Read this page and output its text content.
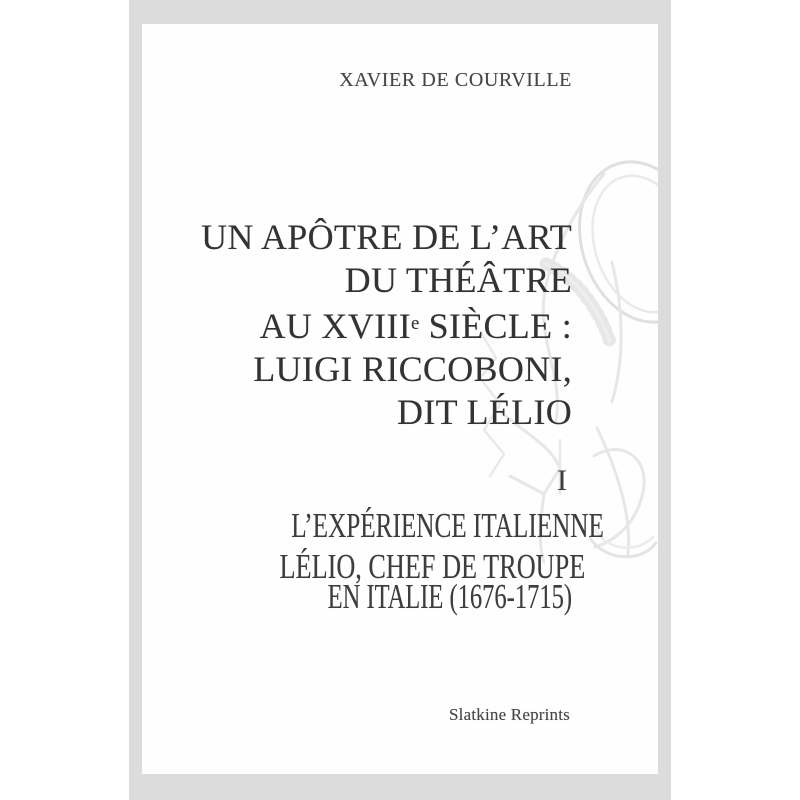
XAVIER DE COURVILLE
UN APÔTRE DE L’ART
DU THÉÂTRE
AU XVIIIe SIÈCLE :
LUIGI RICCOBONI,
DIT LÉLIO
I
L’EXPÉRIENCE ITALIENNE
LÉLIO, CHEF DE TROUPE
EN ITALIE (1676-1715)
Slatkine Reprints
